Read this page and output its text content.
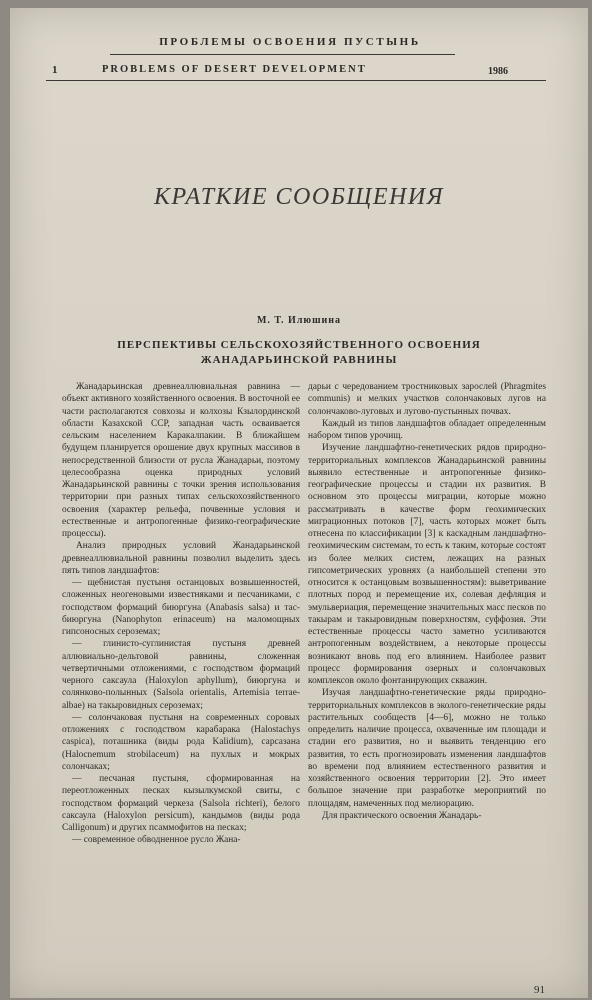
ПРОБЛЕМЫ ОСВОЕНИЯ ПУСТЫНЬ
1	PROBLEMS OF DESERT DEVELOPMENT	1986
КРАТКИЕ СООБЩЕНИЯ
М. Т. Илюшина
ПЕРСПЕКТИВЫ СЕЛЬСКОХОЗЯЙСТВЕННОГО ОСВОЕНИЯ
ЖАНАДАРЬИНСКОЙ РАВНИНЫ

Жанадарьинская древнеаллювиальная равнина — объект активного хозяйственного освоения. В восточной ее части располагаются совхозы и колхозы Кзылординской области Казахской ССР, западная часть осваивается сельским населением Каракалпакии. В ближайшем будущем планируется орошение двух крупных массивов в непосредственной близости от русла Жанадарьи, поэтому целесообразна оценка природных условий Жанадарьинской равнины с точки зрения использования территории при разных типах сельскохозяйственного освоения (характер рельефа, почвенные условия и естественные и антропогенные физико-географические процессы).

Анализ природных условий Жанадарьинской древнеаллювиальной равнины позволил выделить здесь пять типов ландшафтов:

— щебнистая пустыня останцовых возвышенностей, сложенных неогеновыми известняками и песчаниками, с господством формаций биюргуна (Anabasis salsa) и тас-биюргуна (Nanophyton erinaceum) на маломощных гипсоносных сероземах;

— глинисто-суглинистая пустыня древней аллювиально-дельтовой равнины, сложенная четвертичными отложениями, с господством формаций черного саксаула (Haloxylon aphyllum), биюргуна и солянково-полынных (Salsola orientalis, Artemisia terrae-albae) на такыровидных сероземах;

— солончаковая пустыня на современных соровых отложениях с господством карабарака (Halostachys caspica), поташника (виды рода Kalidium), сарсазана (Halocnemum strobilaceum) на пухлых и мокрых солончаках;

— песчаная пустыня, сформированная на переотложенных песках кызылкумской свиты, с господством формаций черкеза (Salsola richteri), белого саксаула (Haloxylon persicum), кандымов (виды рода Calligonum) и других псаммофитов на песках;

— современное обводненное русло Жана-

дарьи с чередованием тростниковых зарослей (Phragmites communis) и мелких участков солончаковых лугов на солончаково-луговых и лугово-пустынных почвах.

Каждый из типов ландшафтов обладает определенным набором типов урочищ.

Изучение ландшафтно-генетических рядов природно-территориальных комплексов Жанадарьинской равнины выявило естественные и антропогенные физико-географические процессы и стадии их развития. В основном это процессы миграции, которые можно рассматривать в качестве форм геохимических миграционных потоков [7], часть которых может быть отнесена по классификации [3] к каскадным ландшафтно-геохимическим системам, то есть к таким, которые состоят из более мелких систем, лежащих на разных гипсометрических уровнях (а наибольшей степени это относится к останцовым возвышенностям): выветривание плотных пород и перемещение их, солевая дефляция и эмульвериация, перемещение значительных масс песков по такырам и такыровидным поверхностям, суффозия. Эти естественные процессы часто заметно усиливаются антропогенным воздействием, а некоторые процессы возникают вновь под его влиянием. Наиболее развит процесс формирования озерных и солончаковых комплексов около фонтанирующих скважин.

Изучая ландшафтно-генетические ряды природно-территориальных комплексов в эколого-генетические ряды растительных сообществ [4—6], можно не только определить наличие процесса, охваченные им площади и стадии его развития, но и выявить тенденцию его развития, то есть прогнозировать изменения ландшафтов во времени под влиянием естественного развития и хозяйственного освоения территории [2]. Это имеет большое значение при разработке мероприятий по площадям, намеченных под мелиорацию.

Для практического освоения Жанадарь-

91
